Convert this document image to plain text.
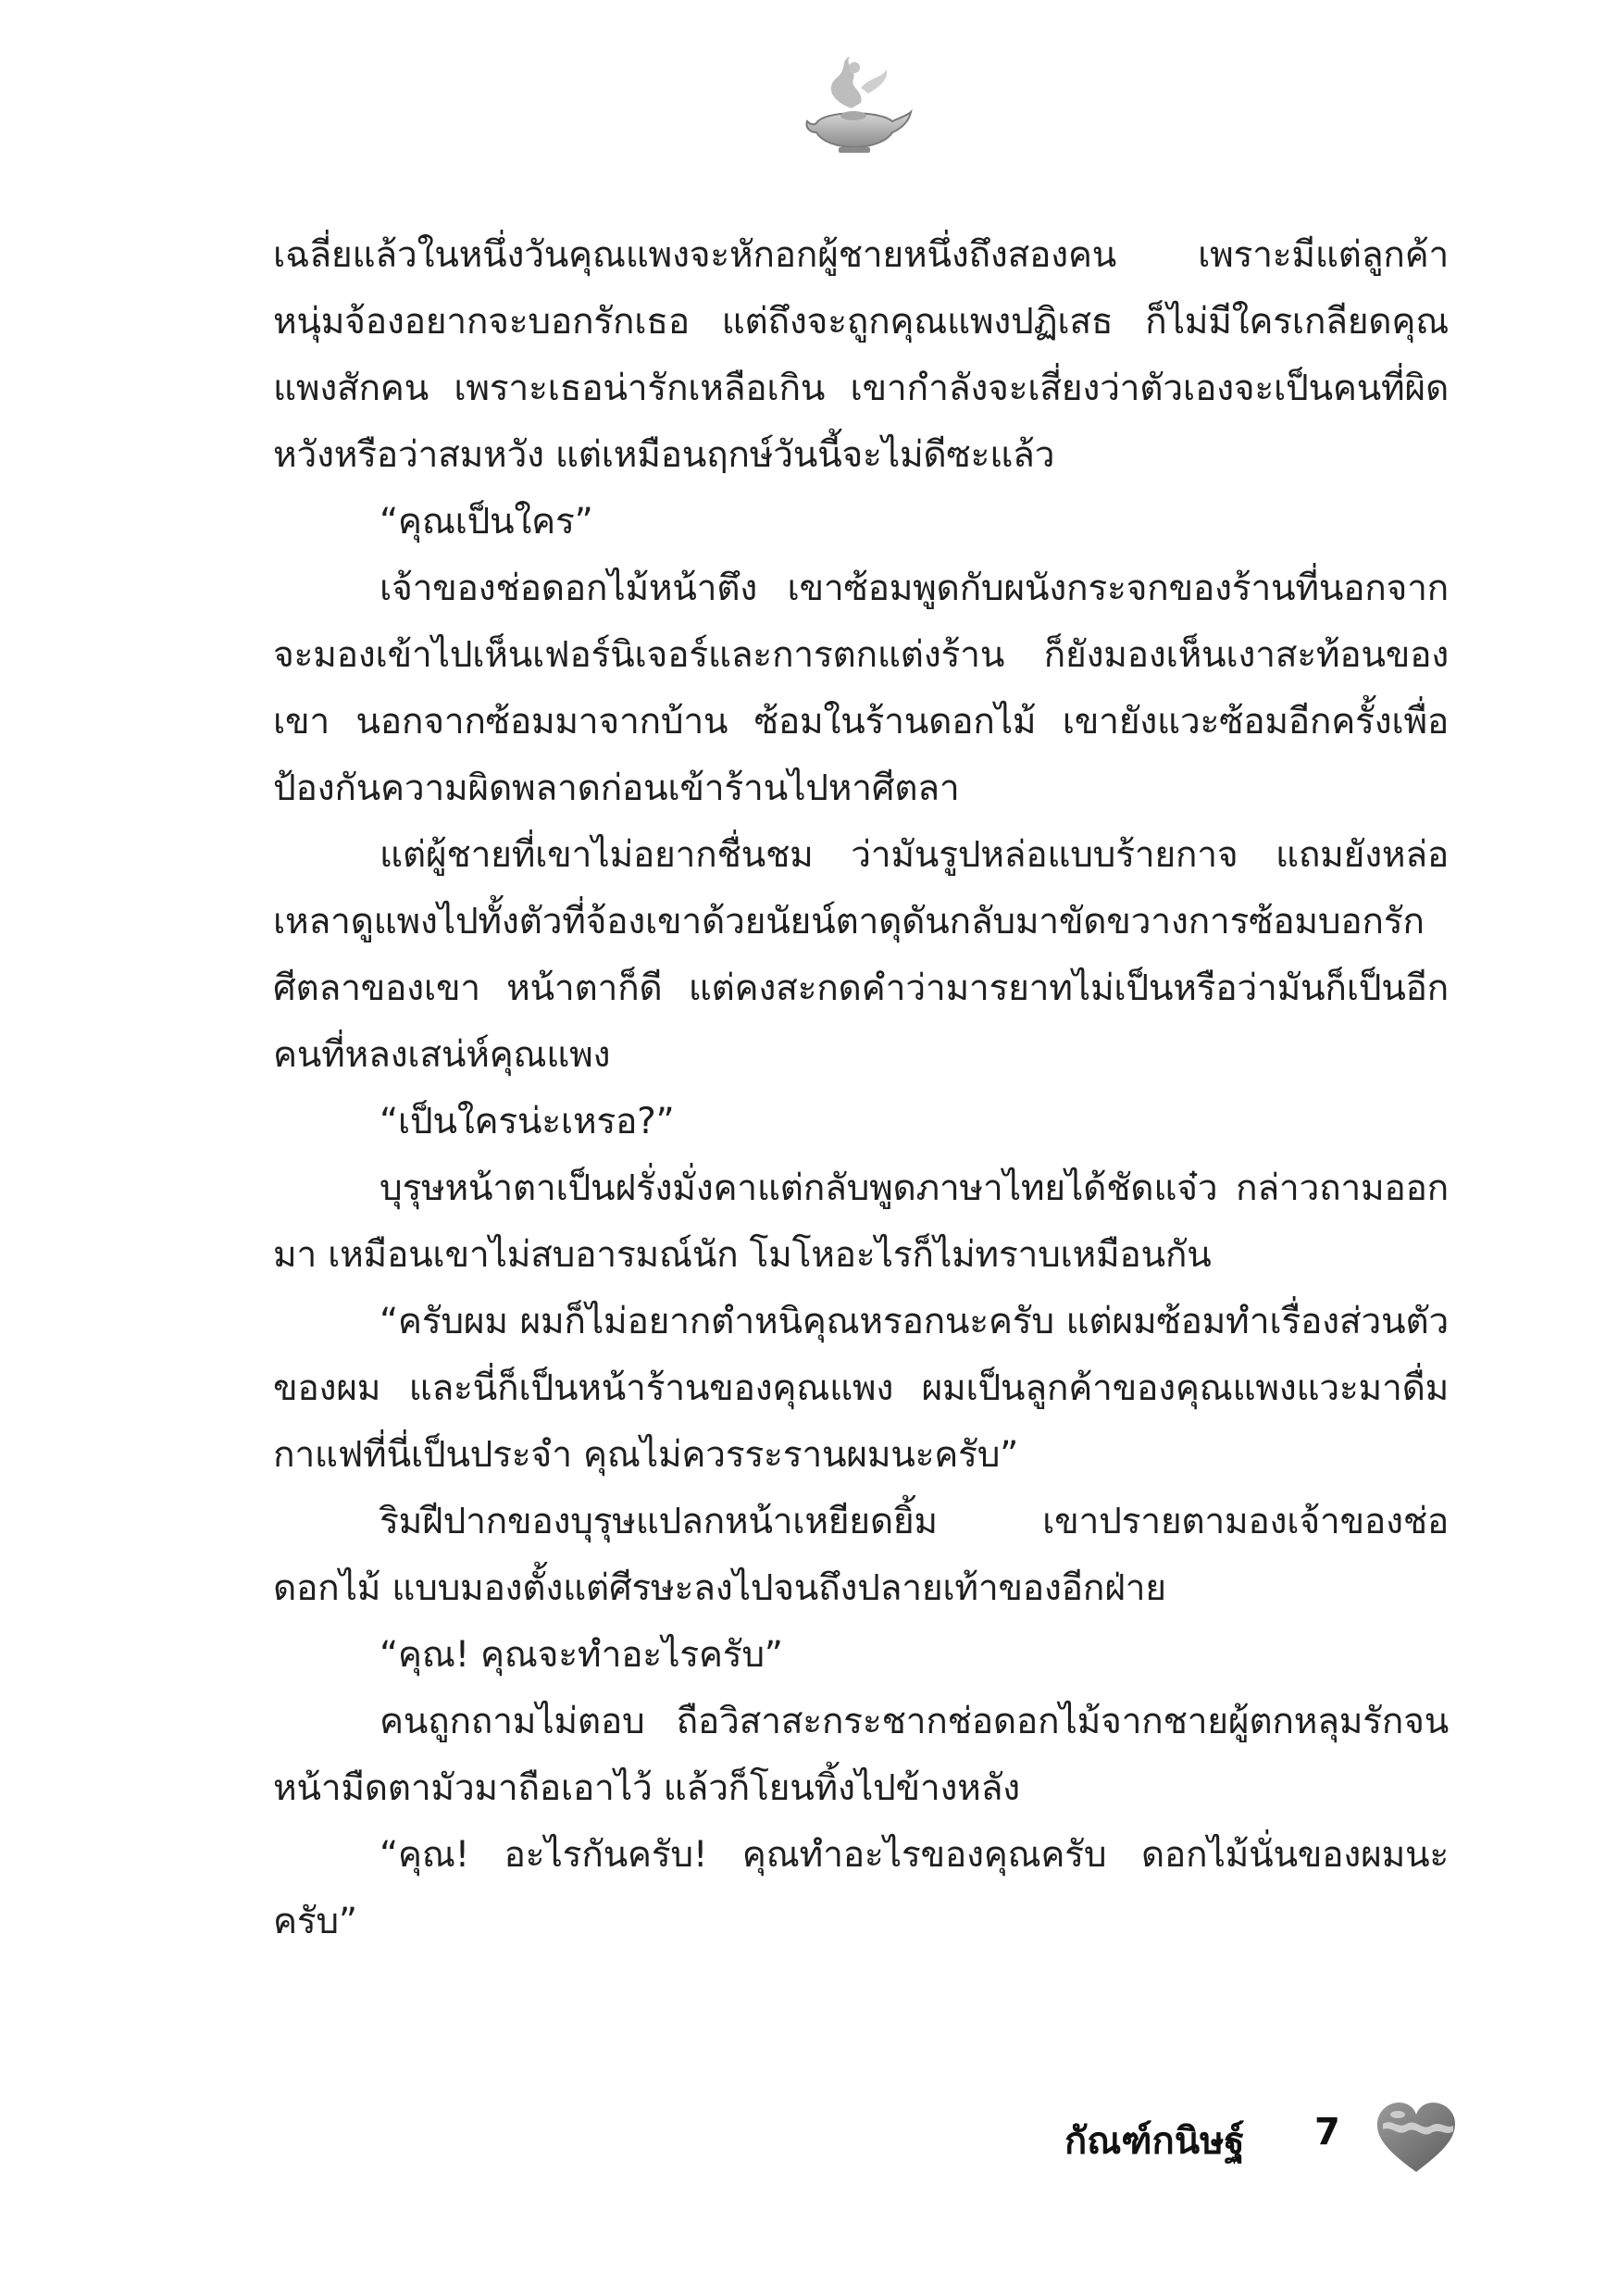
เฉลี่ยแล้วในหนึ่งวันคุณแพงจะหักอกผู้ชายหนึ่งถึงสองคน เพราะมีแต่ลูกค้าหนุ่มจ้องอยากจะบอกรักเธอ แต่ถึงจะถูกคุณแพงปฏิเสธ ก็ไม่มีใครเกลียดคุณแพงสักคน เพราะเธอน่ารักเหลือเกิน เขากำลังจะเสี่ยงว่าตัวเองจะเป็นคนที่ผิดหวังหรือว่าสมหวัง แต่เหมือนฤกษ์วันนี้จะไม่ดีซะแล้ว

“คุณเป็นใคร”

เจ้าของช่อดอกไม้หน้าตึง เขาซ้อมพูดกับผนังกระจกของร้านที่นอกจากจะมองเข้าไปเห็นเฟอร์นิเจอร์และการตกแต่งร้าน ก็ยังมองเห็นเงาสะท้อนของเขา นอกจากซ้อมมาจากบ้าน ซ้อมในร้านดอกไม้ เขายังแวะซ้อมอีกครั้งเพื่อป้องกันความผิดพลาดก่อนเข้าร้านไปหาศีตลา

แต่ผู้ชายที่เขาไม่อยากชื่นชม ว่ามันรูปหล่อแบบร้ายกาจ แถมยังหล่อเหลาดูแพงไปทั้งตัวที่จ้องเขาด้วยนัยน์ตาดุดันกลับมาขัดขวางการซ้อมบอกรักศีตลาของเขา หน้าตาก็ดี แต่คงสะกดคำว่ามารยาทไม่เป็นหรือว่ามันก็เป็นอีกคนที่หลงเสน่ห์คุณแพง

“เป็นใครน่ะเหรอ?”

บุรุษหน้าตาเป็นฝรั่งมั่งคาแต่กลับพูดภาษาไทยได้ชัดแจ๋ว กล่าวถามออกมา เหมือนเขาไม่สบอารมณ์นัก โมโหอะไรก็ไม่ทราบเหมือนกัน

“ครับผม ผมก็ไม่อยากตำหนิคุณหรอกนะครับ แต่ผมซ้อมทำเรื่องส่วนตัวของผม และนี่ก็เป็นหน้าร้านของคุณแพง ผมเป็นลูกค้าของคุณแพงแวะมาดื่มกาแฟที่นี่เป็นประจำ คุณไม่ควรระรานผมนะครับ”

ริมฝีปากของบุรุษแปลกหน้าเหยียดยิ้ม เขาปรายตามองเจ้าของช่อดอกไม้ แบบมองตั้งแต่ศีรษะลงไปจนถึงปลายเท้าของอีกฝ่าย

“คุณ! คุณจะทำอะไรครับ”

คนถูกถามไม่ตอบ ถือวิสาสะกระชากช่อดอกไม้จากชายผู้ตกหลุมรักจนหน้ามืดตามัวมาถือเอาไว้ แล้วก็โยนทิ้งไปข้างหลัง

“คุณ! อะไรกันครับ! คุณทำอะไรของคุณครับ ดอกไม้นั่นของผมนะครับ”

กัณฑ์กนิษฐ์ 7
